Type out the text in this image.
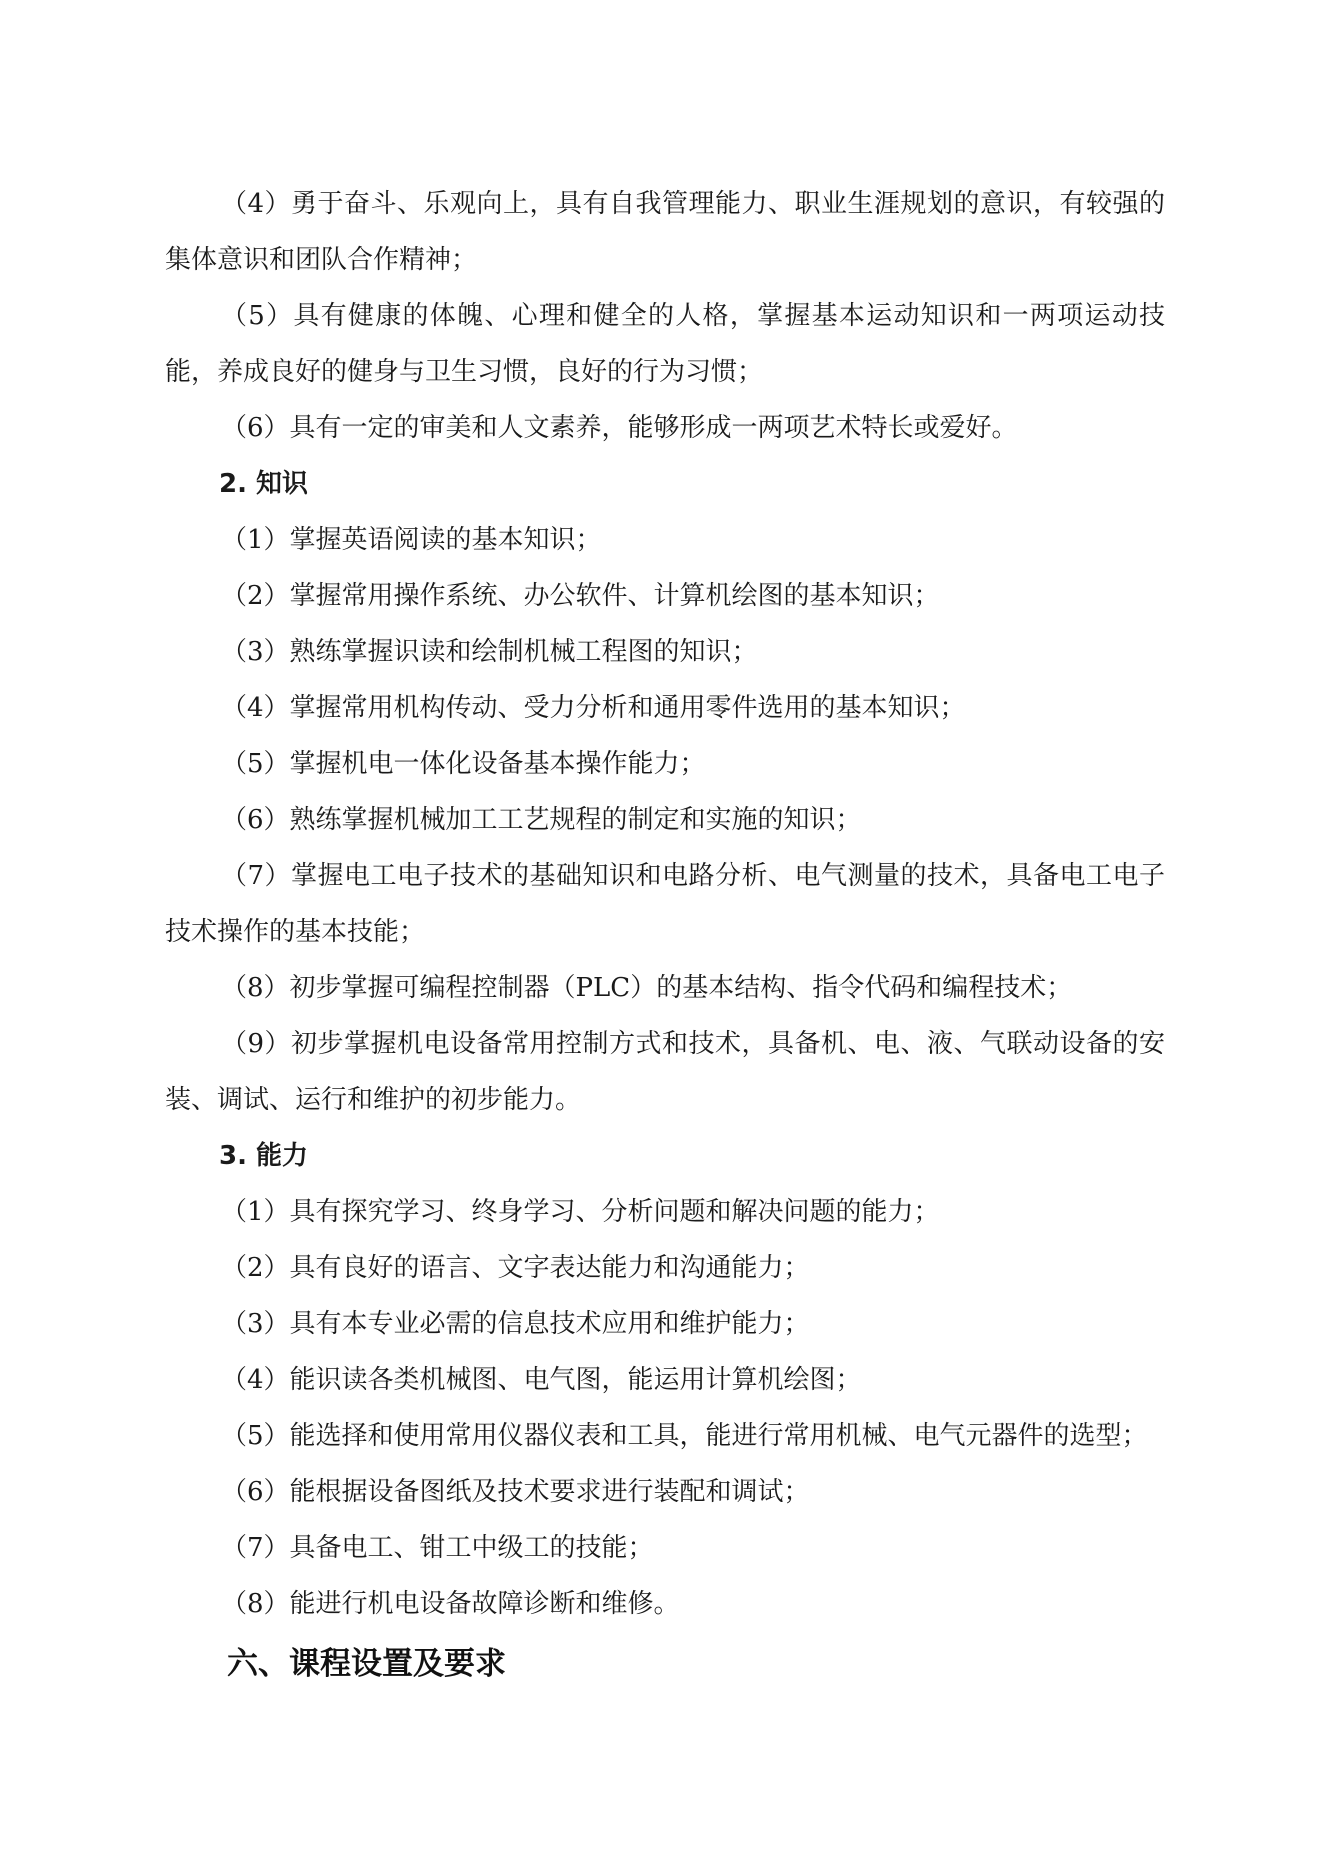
（4）勇于奋斗、乐观向上，具有自我管理能力、职业生涯规划的意识，有较强的集体意识和团队合作精神；

（5）具有健康的体魄、心理和健全的人格，掌握基本运动知识和一两项运动技能，养成良好的健身与卫生习惯，良好的行为习惯；

（6）具有一定的审美和人文素养，能够形成一两项艺术特长或爱好。

2. 知识

（1）掌握英语阅读的基本知识；

（2）掌握常用操作系统、办公软件、计算机绘图的基本知识；

（3）熟练掌握识读和绘制机械工程图的知识；

（4）掌握常用机构传动、受力分析和通用零件选用的基本知识；

（5）掌握机电一体化设备基本操作能力；

（6）熟练掌握机械加工工艺规程的制定和实施的知识；

（7）掌握电工电子技术的基础知识和电路分析、电气测量的技术，具备电工电子技术操作的基本技能；

（8）初步掌握可编程控制器（PLC）的基本结构、指令代码和编程技术；

（9）初步掌握机电设备常用控制方式和技术，具备机、电、液、气联动设备的安装、调试、运行和维护的初步能力。

3. 能力

（1）具有探究学习、终身学习、分析问题和解决问题的能力；

（2）具有良好的语言、文字表达能力和沟通能力；

（3）具有本专业必需的信息技术应用和维护能力；

（4）能识读各类机械图、电气图，能运用计算机绘图；

（5）能选择和使用常用仪器仪表和工具，能进行常用机械、电气元器件的选型；

（6）能根据设备图纸及技术要求进行装配和调试；

（7）具备电工、钳工中级工的技能；

（8）能进行机电设备故障诊断和维修。

六、课程设置及要求
